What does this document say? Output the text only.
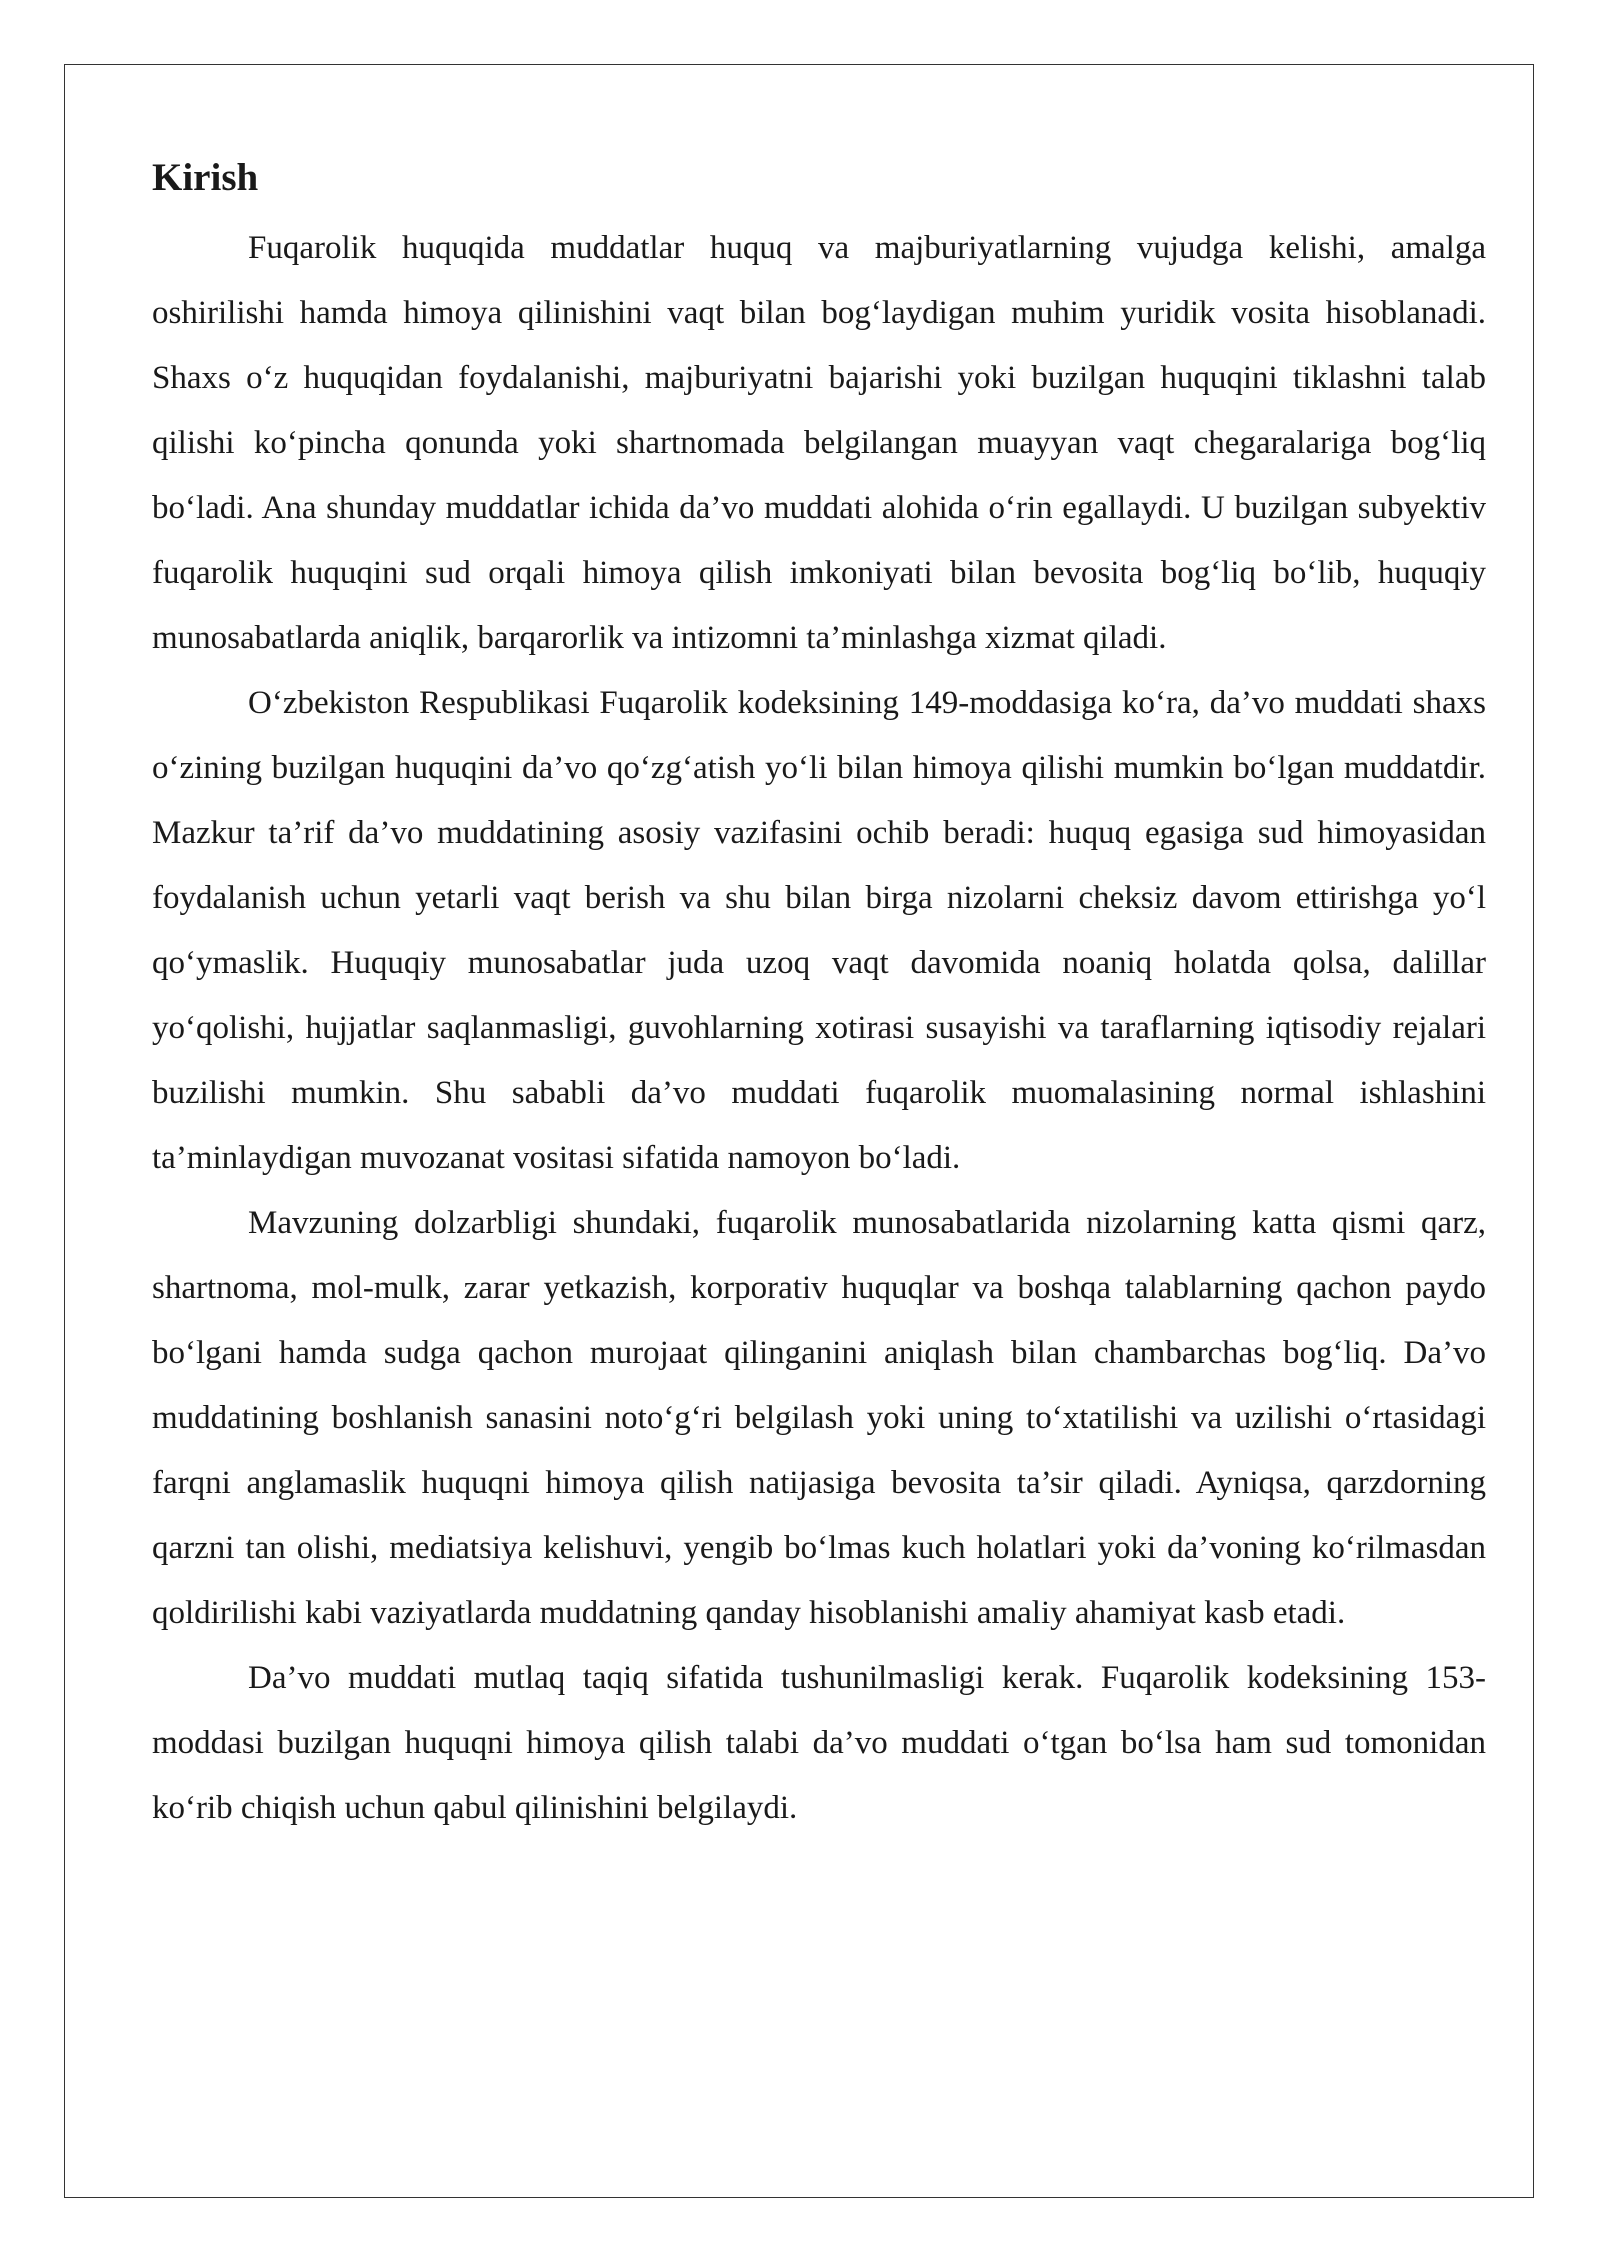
Kirish

Fuqarolik huquqida muddatlar huquq va majburiyatlarning vujudga kelishi, amalga oshirilishi hamda himoya qilinishini vaqt bilan bog‘laydigan muhim yuridik vosita hisoblanadi. Shaxs o‘z huquqidan foydalanishi, majburiyatni bajarishi yoki buzilgan huquqini tiklashni talab qilishi ko‘pincha qonunda yoki shartnomada belgilangan muayyan vaqt chegaralariga bog‘liq bo‘ladi. Ana shunday muddatlar ichida da’vo muddati alohida o‘rin egallaydi. U buzilgan subyektiv fuqarolik huquqini sud orqali himoya qilish imkoniyati bilan bevosita bog‘liq bo‘lib, huquqiy munosabatlarda aniqlik, barqarorlik va intizomni ta’minlashga xizmat qiladi.

O‘zbekiston Respublikasi Fuqarolik kodeksining 149-moddasiga ko‘ra, da’vo muddati shaxs o‘zining buzilgan huquqini da’vo qo‘zg‘atish yo‘li bilan himoya qilishi mumkin bo‘lgan muddatdir. Mazkur ta’rif da’vo muddatining asosiy vazifasini ochib beradi: huquq egasiga sud himoyasidan foydalanish uchun yetarli vaqt berish va shu bilan birga nizolarni cheksiz davom ettirishga yo‘l qo‘ymaslik. Huquqiy munosabatlar juda uzoq vaqt davomida noaniq holatda qolsa, dalillar yo‘qolishi, hujjatlar saqlanmasligi, guvohlarning xotirasi susayishi va taraflarning iqtisodiy rejalari buzilishi mumkin. Shu sababli da’vo muddati fuqarolik muomalasining normal ishlashini ta’minlaydigan muvozanat vositasi sifatida namoyon bo‘ladi.

Mavzuning dolzarbligi shundaki, fuqarolik munosabatlarida nizolarning katta qismi qarz, shartnoma, mol-mulk, zarar yetkazish, korporativ huquqlar va boshqa talablarning qachon paydo bo‘lgani hamda sudga qachon murojaat qilinganini aniqlash bilan chambarchas bog‘liq. Da’vo muddatining boshlanish sanasini noto‘g‘ri belgilash yoki uning to‘xtatilishi va uzilishi o‘rtasidagi farqni anglamaslik huquqni himoya qilish natijasiga bevosita ta’sir qiladi. Ayniqsa, qarzdorning qarzni tan olishi, mediatsiya kelishuvi, yengib bo‘lmas kuch holatlari yoki da’voning ko‘rilmasdan qoldirilishi kabi vaziyatlarda muddatning qanday hisoblanishi amaliy ahamiyat kasb etadi.

Da’vo muddati mutlaq taqiq sifatida tushunilmasligi kerak. Fuqarolik kodeksining 153-moddasi buzilgan huquqni himoya qilish talabi da’vo muddati o‘tgan bo‘lsa ham sud tomonidan ko‘rib chiqish uchun qabul qilinishini belgilaydi.
